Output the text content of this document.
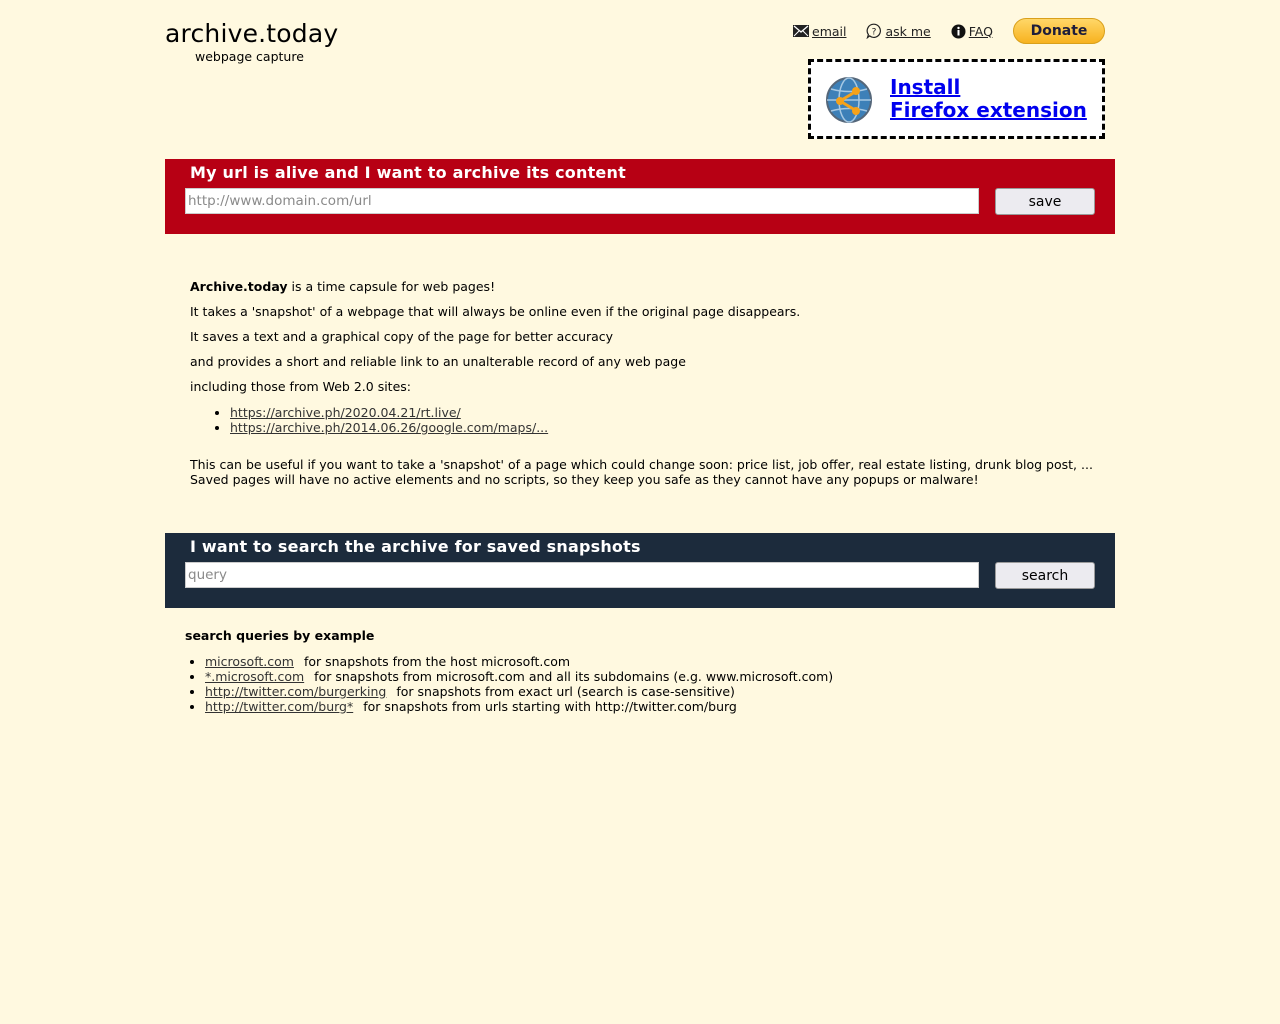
archive.today
webpage capture
email	? ask me	FAQ	Donate
Install
Firefox extension
My url is alive and I want to archive its content
http://www.domain.com/url
save

Archive.today is a time capsule for web pages!

It takes a 'snapshot' of a webpage that will always be online even if the original page disappears.

It saves a text and a graphical copy of the page for better accuracy

and provides a short and reliable link to an unalterable record of any web page

including those from Web 2.0 sites:

• https://archive.ph/2020.04.21/rt.live/
• https://archive.ph/2014.06.26/google.com/maps/...
This can be useful if you want to take a 'snapshot' of a page which could change soon: price list, job offer, real estate listing, drunk blog post, ...
Saved pages will have no active elements and no scripts, so they keep you safe as they cannot have any popups or malware!
I want to search the archive for saved snapshots
query
search
search queries by example
• microsoft.com for snapshots from the host microsoft.com
• *.microsoft.com for snapshots from microsoft.com and all its subdomains (e.g. www.microsoft.com)
• http://twitter.com/burgerking for snapshots from exact url (search is case-sensitive)
• http://twitter.com/burg* for snapshots from urls starting with http://twitter.com/burg
